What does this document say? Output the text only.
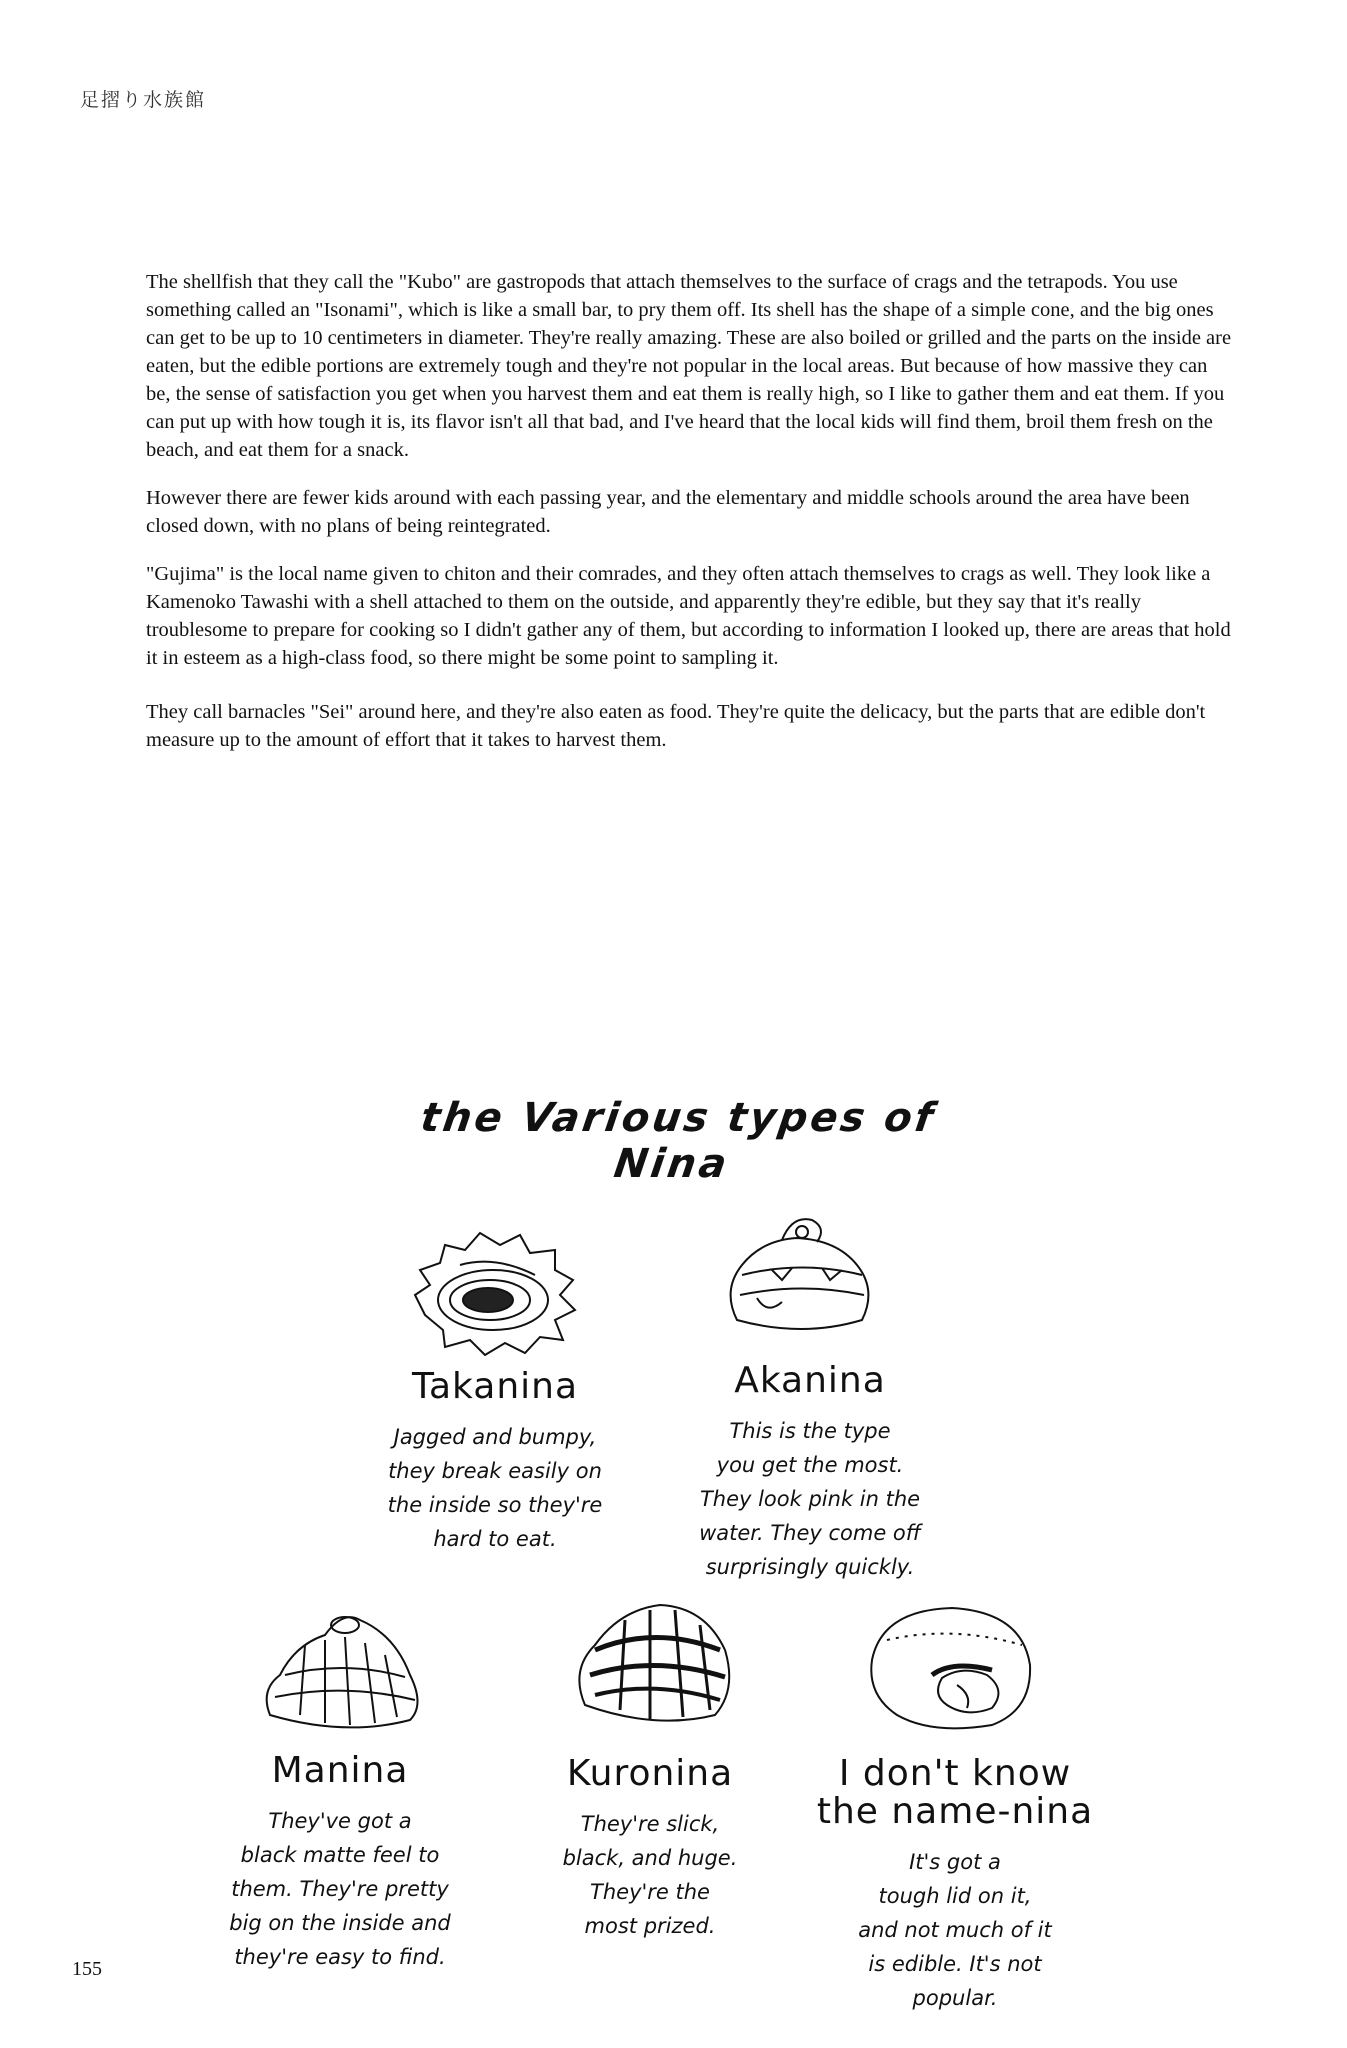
足摺り水族館

The shellfish that they call the "Kubo" are gastropods that attach themselves to the surface of crags and the tetrapods. You use something called an "Isonami", which is like a small bar, to pry them off. Its shell has the shape of a simple cone, and the big ones can get to be up to 10 centimeters in diameter. They're really amazing. These are also boiled or grilled and the parts on the inside are eaten, but the edible portions are extremely tough and they're not popular in the local areas. But because of how massive they can be, the sense of satisfaction you get when you harvest them and eat them is really high, so I like to gather them and eat them. If you can put up with how tough it is, its flavor isn't all that bad, and I've heard that the local kids will find them, broil them fresh on the beach, and eat them for a snack.

However there are fewer kids around with each passing year, and the elementary and middle schools around the area have been closed down, with no plans of being reintegrated.

"Gujima" is the local name given to chiton and their comrades, and they often attach themselves to crags as well. They look like a Kamenoko Tawashi with a shell attached to them on the outside, and apparently they're edible, but they say that it's really troublesome to prepare for cooking so I didn't gather any of them, but according to information I looked up, there are areas that hold it in esteem as a high-class food, so there might be some point to sampling it.

They call barnacles "Sei" around here, and they're also eaten as food. They're quite the delicacy, but the parts that are edible don't measure up to the amount of effort that it takes to harvest them.

the Various types of Nina
Takanina
Jagged and bumpy,
they break easily on
the inside so they're
hard to eat.
Akanina
This is the type
you get the most.
They look pink in the
water. They come off
surprisingly quickly.
Manina
They've got a
black matte feel to
them. They're pretty
big on the inside and
they're easy to find.
Kuronina
They're slick,
black, and huge.
They're the
most prized.
I don't know
the name-nina
It's got a
tough lid on it,
and not much of it
is edible. It's not
popular.
155
